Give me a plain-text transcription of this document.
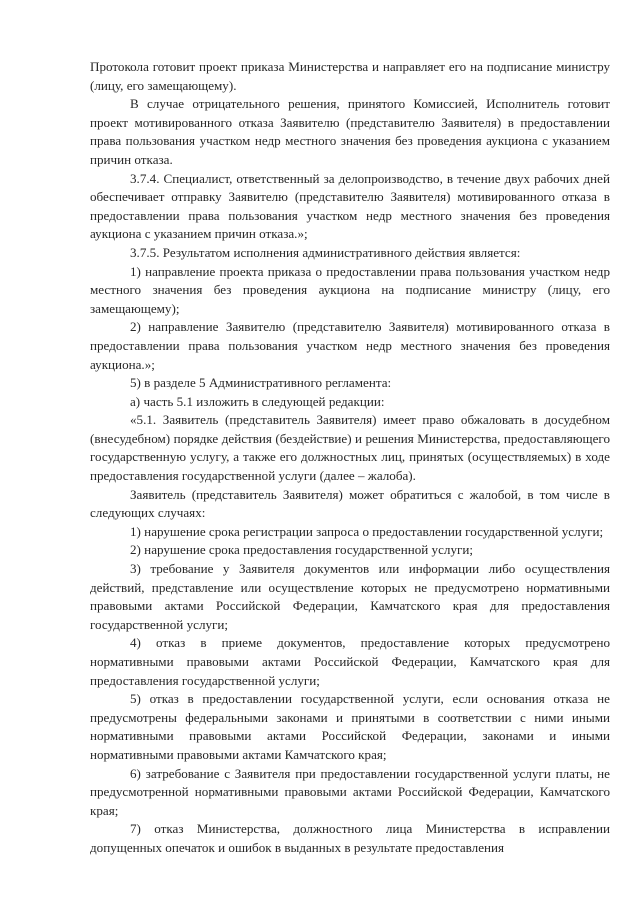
Протокола готовит проект приказа Министерства и направляет его на подписание министру (лицу, его замещающему).

В случае отрицательного решения, принятого Комиссией, Исполнитель готовит проект мотивированного отказа Заявителю (представителю Заявителя) в предоставлении права пользования участком недр местного значения без проведения аукциона с указанием причин отказа.

3.7.4. Специалист, ответственный за делопроизводство, в течение двух рабочих дней обеспечивает отправку Заявителю (представителю Заявителя) мотивированного отказа в предоставлении права пользования участком недр местного значения без проведения аукциона с указанием причин отказа.»;

3.7.5. Результатом исполнения административного действия является:

1) направление проекта приказа о предоставлении права пользования участком недр местного значения без проведения аукциона на подписание министру (лицу, его замещающему);

2) направление Заявителю (представителю Заявителя) мотивированного отказа в предоставлении права пользования участком недр местного значения без проведения аукциона.»;

5) в разделе 5 Административного регламента:

а) часть 5.1 изложить в следующей редакции:

«5.1. Заявитель (представитель Заявителя) имеет право обжаловать в досудебном (внесудебном) порядке действия (бездействие) и решения Министерства, предоставляющего государственную услугу, а также его должностных лиц, принятых (осуществляемых) в ходе предоставления государственной услуги (далее – жалоба).

Заявитель (представитель Заявителя) может обратиться с жалобой, в том числе в следующих случаях:

1) нарушение срока регистрации запроса о предоставлении государственной услуги;

2) нарушение срока предоставления государственной услуги;

3) требование у Заявителя документов или информации либо осуществления действий, представление или осуществление которых не предусмотрено нормативными правовыми актами Российской Федерации, Камчатского края для предоставления государственной услуги;

4) отказ в приеме документов, предоставление которых предусмотрено нормативными правовыми актами Российской Федерации, Камчатского края для предоставления государственной услуги;

5) отказ в предоставлении государственной услуги, если основания отказа не предусмотрены федеральными законами и принятыми в соответствии с ними иными нормативными правовыми актами Российской Федерации, законами и иными нормативными правовыми актами Камчатского края;

6) затребование с Заявителя при предоставлении государственной услуги платы, не предусмотренной нормативными правовыми актами Российской Федерации, Камчатского края;

7) отказ Министерства, должностного лица Министерства в исправлении допущенных опечаток и ошибок в выданных в результате предоставления
